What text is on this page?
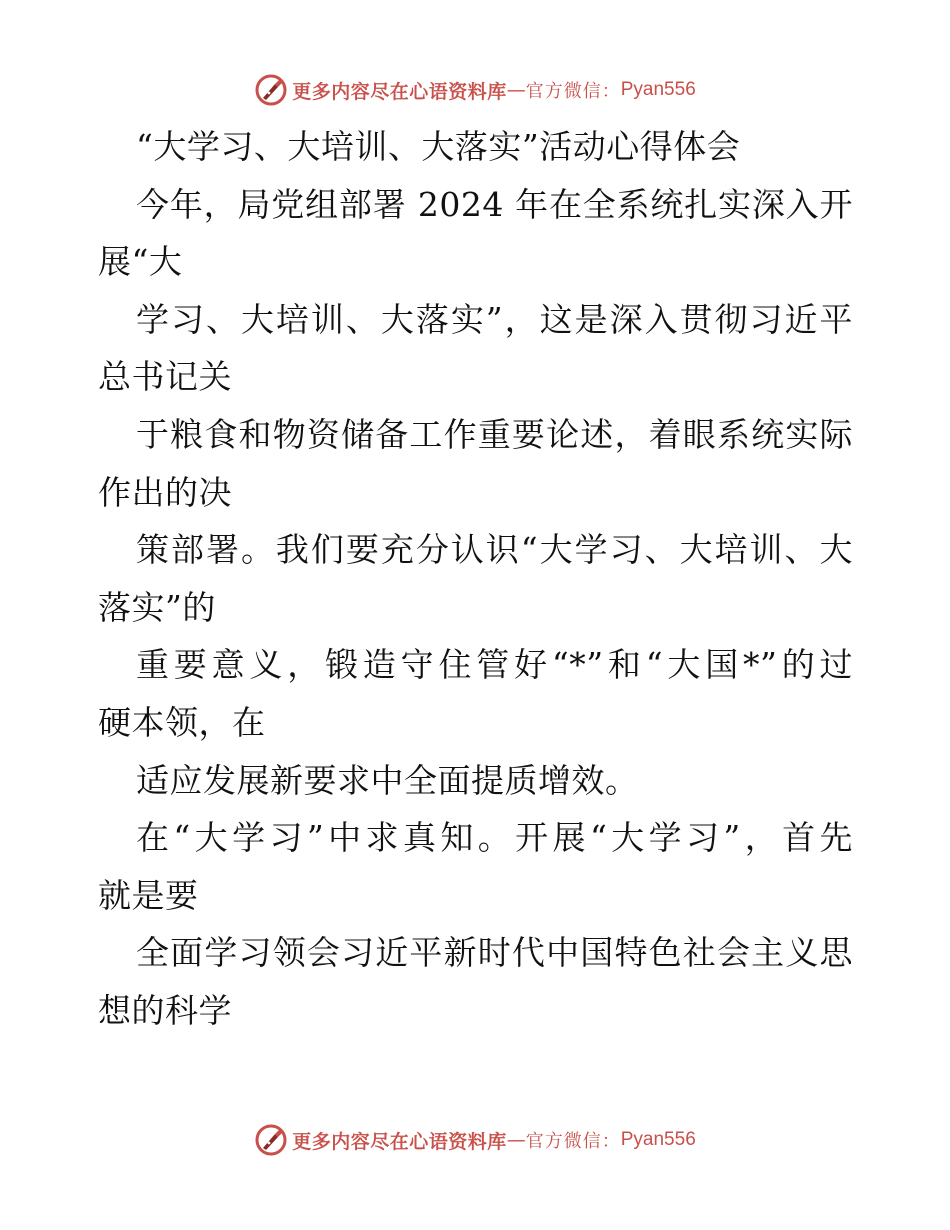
更多内容尽在心语资料库 — 官方微信： Pyan556
“大学习、大培训、大落实”活动心得体会
今年，局党组部署 2024 年在全系统扎实深入开
展“大
学习、大培训、大落实”，这是深入贯彻习近平
总书记关
于粮食和物资储备工作重要论述，着眼系统实际
作出的决
策部署。我们要充分认识“大学习、大培训、大
落实”的
重要意义，锻造守住管好“*”和“大国*”的过
硬本领，在
适应发展新要求中全面提质增效。
在“大学习”中求真知。开展“大学习”，首先
就是要
全面学习领会习近平新时代中国特色社会主义思
想的科学
更多内容尽在心语资料库 — 官方微信： Pyan556
